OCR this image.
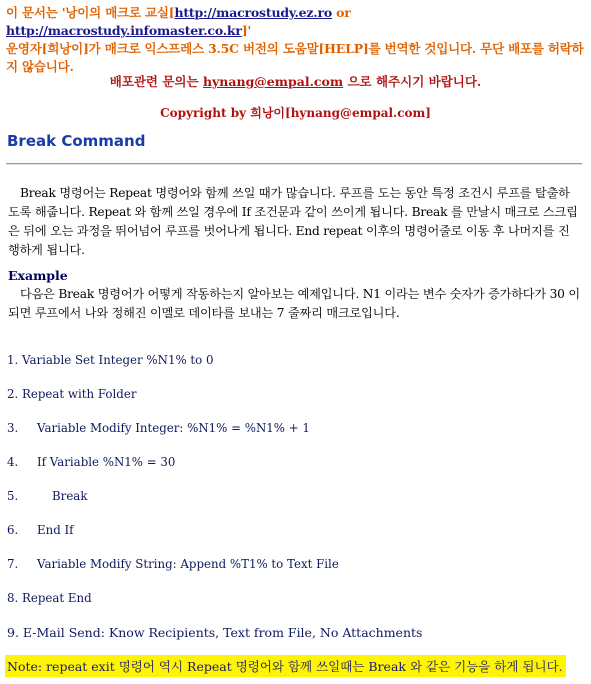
이 문서는 '낭이의 매크로 교실[http://macrostudy.ez.ro or http://macrostudy.infomaster.co.kr]'
운영자[희낭이]가 매크로 익스프레스 3.5C 버전의 도움말[HELP]를 번역한 것입니다. 무단 배포를 허락하지 않습니다.
배포관련 문의는 hynang@empal.com 으로 해주시기 바랍니다.
Copyright by 희낭이[hynang@empal.com]
Break Command
Break 명령어는 Repeat 명령어와 함께 쓰일 때가 많습니다. 루프를 도는 동안 특정 조건시 루프를 탈출하도록 해줍니다. Repeat 와 함께 쓰일 경우에 If 조건문과 같이 쓰이게 됩니다. Break 를 만날시 매크로 스크립은 뒤에 오는 과정을 뛰어넘어 루프를 벗어나게 됩니다. End repeat 이후의 명령어줄로 이동 후 나머지를 진행하게 됩니다.
Example
다음은 Break 명령어가 어떻게 작동하는지 알아보는 예제입니다. N1 이라는 변수 숫자가 증가하다가 30 이 되면 루프에서 나와 정해진 이멜로 데이타를 보내는 7 줄짜리 매크로입니다.
1. Variable Set Integer %N1% to 0
2. Repeat with Folder
3.     Variable Modify Integer: %N1% = %N1% + 1
4.     If Variable %N1% = 30
5.         Break
6.     End If
7.     Variable Modify String: Append %T1% to Text File
8. Repeat End
9. E-Mail Send: Know Recipients, Text from File, No Attachments
Note: repeat exit 명령어 역시 Repeat 명령어와 함께 쓰일때는 Break 와 같은 기능을 하게 됩니다.
